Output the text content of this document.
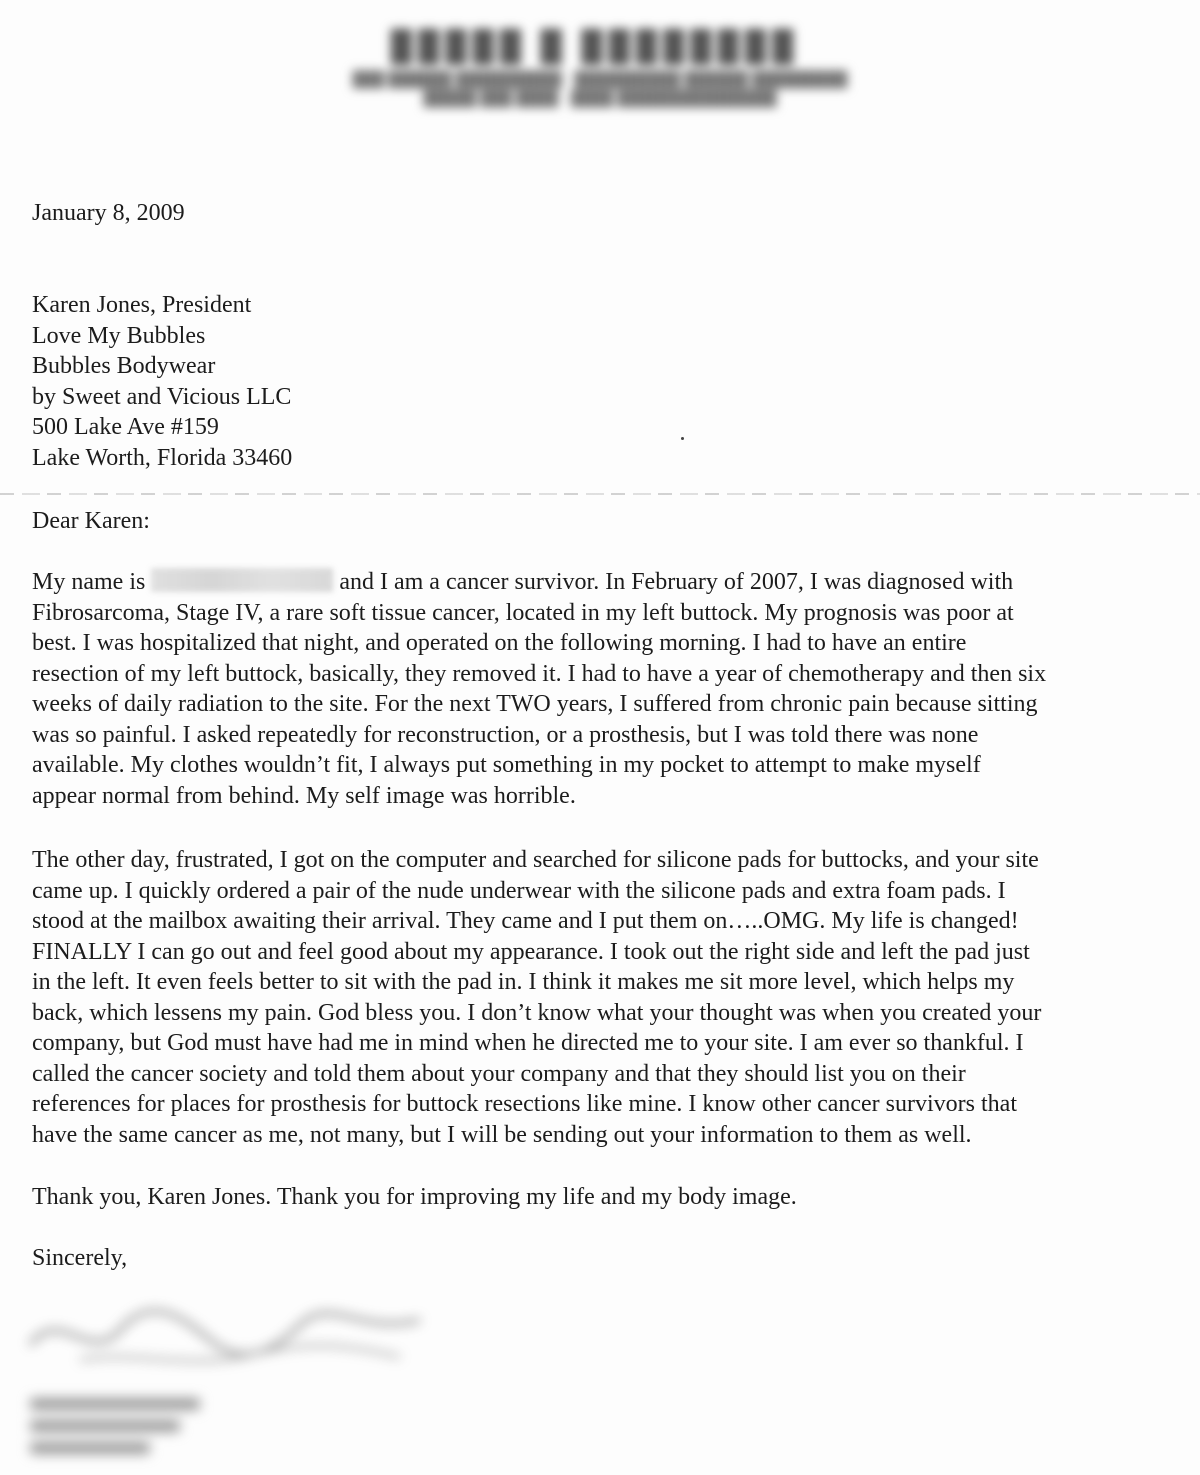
█████ █ ████████
███ ██████ ██████████ · ██████████ ██████ █████████
█████ ███ ████ · ████ ███████████████
January 8, 2009
Karen Jones, President
Love My Bubbles
Bubbles Bodywear
by Sweet and Vicious LLC
500 Lake Ave #159
Lake Worth, Florida 33460
Dear Karen:
My name is	and I am a cancer survivor. In February of 2007, I was diagnosed with
Fibrosarcoma, Stage IV, a rare soft tissue cancer, located in my left buttock. My prognosis was poor at
best. I was hospitalized that night, and operated on the following morning. I had to have an entire
resection of my left buttock, basically, they removed it. I had to have a year of chemotherapy and then six
weeks of daily radiation to the site. For the next TWO years, I suffered from chronic pain because sitting
was so painful. I asked repeatedly for reconstruction, or a prosthesis, but I was told there was none
available. My clothes wouldn’t fit, I always put something in my pocket to attempt to make myself
appear normal from behind. My self image was horrible.
The other day, frustrated, I got on the computer and searched for silicone pads for buttocks, and your site
came up. I quickly ordered a pair of the nude underwear with the silicone pads and extra foam pads. I
stood at the mailbox awaiting their arrival. They came and I put them on…..OMG. My life is changed!
FINALLY I can go out and feel good about my appearance. I took out the right side and left the pad just
in the left. It even feels better to sit with the pad in. I think it makes me sit more level, which helps my
back, which lessens my pain. God bless you. I don’t know what your thought was when you created your
company, but God must have had me in mind when he directed me to your site. I am ever so thankful. I
called the cancer society and told them about your company and that they should list you on their
references for places for prosthesis for buttock resections like mine. I know other cancer survivors that
have the same cancer as me, not many, but I will be sending out your information to them as well.
Thank you, Karen Jones. Thank you for improving my life and my body image.
Sincerely,
